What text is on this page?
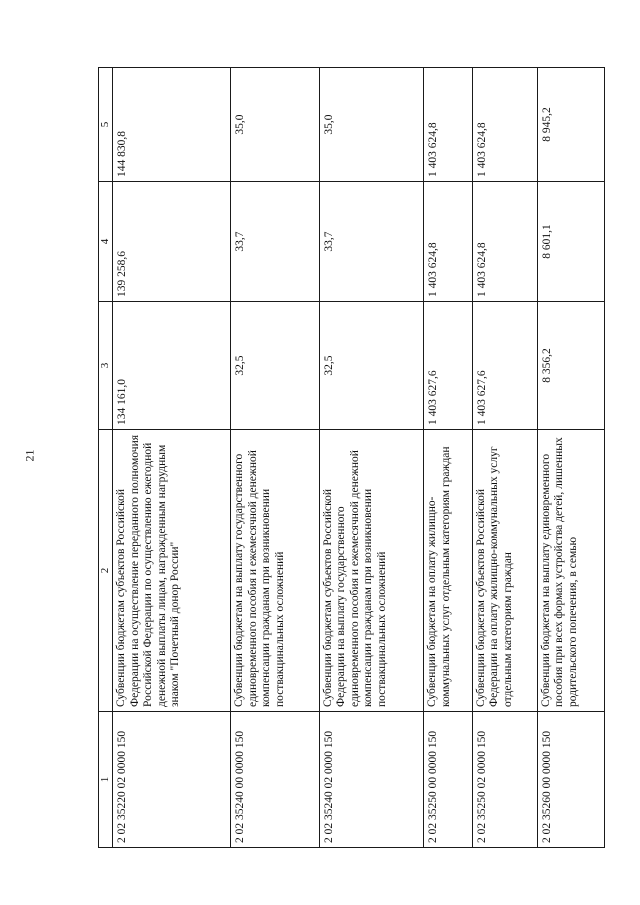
21
1	2	3	4	5
2 02 35220 02 0000 150	Субвенции бюджетам субъектов Российской Федерации на осуществление переданного полномочия Российской Федерации по осуществлению ежегодной денежной выплаты лицам, награжденным нагрудным знаком "Почетный донор России"	134 161,0	139 258,6	144 830,8
2 02 35240 00 0000 150	Субвенции бюджетам на выплату государственного единовременного пособия и ежемесячной денежной компенсации гражданам при возникновении поствакцинальных осложнений	32,5	33,7	35,0
2 02 35240 02 0000 150	Субвенции бюджетам субъектов Российской Федерации на выплату государственного единовременного пособия и ежемесячной денежной компенсации гражданам при возникновении поствакцинальных осложнений	32,5	33,7	35,0
2 02 35250 00 0000 150	Субвенции бюджетам на оплату жилищно-коммунальных услуг отдельным категориям граждан	1 403 627,6	1 403 624,8	1 403 624,8
2 02 35250 02 0000 150	Субвенции бюджетам субъектов Российской Федерации на оплату жилищно-коммунальных услуг отдельным категориям граждан	1 403 627,6	1 403 624,8	1 403 624,8
2 02 35260 00 0000 150	Субвенции бюджетам на выплату единовременного пособия при всех формах устройства детей, лишенных родительского попечения, в семью	8 356,2	8 601,1	8 945,2
